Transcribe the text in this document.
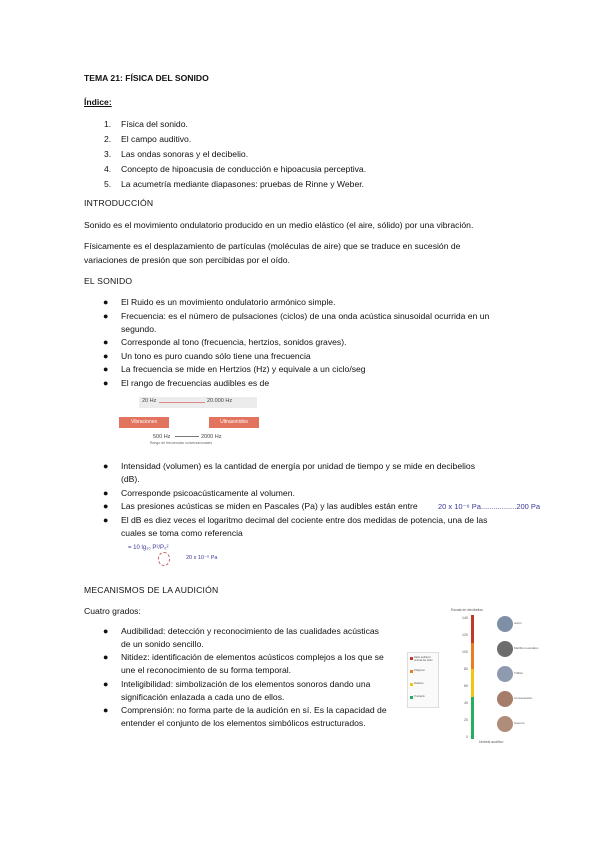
TEMA 21: FÍSICA DEL SONIDO
Índice:
1. Física del sonido.
2. El campo auditivo.
3. Las ondas sonoras y el decibelio.
4. Concepto de hipoacusia de conducción e hipoacusia perceptiva.
5. La acumetría mediante diapasones: pruebas de Rinne y Weber.
INTRODUCCIÓN
Sonido es el movimiento ondulatorio producido en un medio elástico (el aire, sólido) por una vibración.
Físicamente es el desplazamiento de partículas (moléculas de aire) que se traduce en sucesión de
variaciones de presión que son percibidas por el oído.
EL SONIDO
● El Ruido es un movimiento ondulatorio armónico simple.
● Frecuencia: es el número de pulsaciones (ciclos) de una onda acústica sinusoidal ocurrida en un
segundo.
● Corresponde al tono (frecuencia, hertzios, sonidos graves).
● Un tono es puro cuando sólo tiene una frecuencia
● La frecuencia se mide en Hertzios (Hz) y equivale a un ciclo/seg
● El rango de frecuencias audibles es de
20 Hz	20.000 Hz
Vibraciones	Ultrasonidos
500 Hz	2000 Hz
Rango de frecuencias conversacionales
● Intensidad (volumen) es la cantidad de energía por unidad de tiempo y se mide en decibelios
(dB).
● Corresponde psicoacústicamente al volumen.
● Las presiones acústicas se miden en Pascales (Pa) y las audibles están entre	20 x 10⁻⁶ Pa.................200 Pa
● El dB es diez veces el logaritmo decimal del cociente entre dos medidas de potencia, una de las
cuales se toma como referencia
= 10 lg₁₀ P²/P₀²
20 x 10⁻⁶ Pa
MECANISMOS DE LA AUDICIÓN
Cuatro grados:
● Audibilidad: detección y reconocimiento de las cualidades acústicas
de un sonido sencillo.
● Nitidez: identificación de elementos acústicos complejos a los que se
une el reconocimiento de su forma temporal.
● Inteligibilidad: simbolización de los elementos sonoros dando una
significación enlazada a cada uno de ellos.
● Comprensión: no forma parte de la audición en sí. Es la capacidad de
entender el conjunto de los elementos simbólicos estructurados.
Escala en decibelios
140
120
100
80
60
40
20
0
Umbral auditivo
Avión
Martillo neumático
Tráfico
Conversación
Susurro
Daño auditivo/ umbral del dolor
Peligroso
Ruidoso
Tranquilo
